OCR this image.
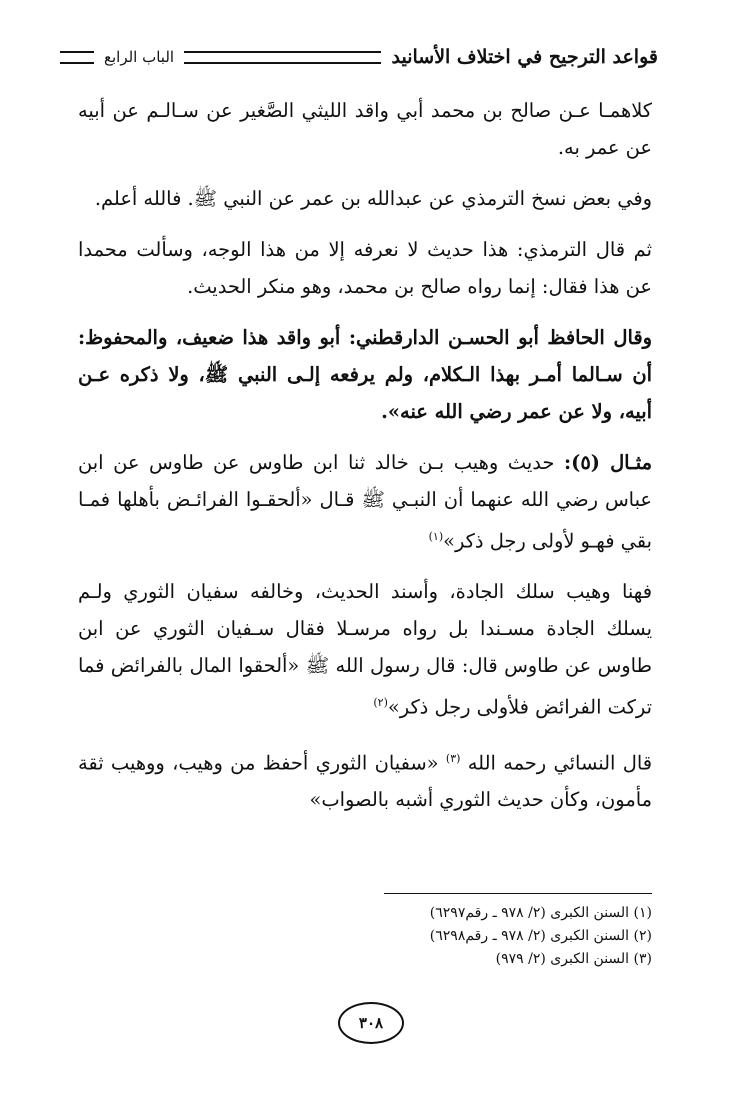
قواعد الترجيح في اختلاف الأسانيد
الباب الرابع

كلاهمـا عـن صالح بن محمد أبي واقد الليثي الصَّغير عن سـالـم عن أبيه عن عمر به.

وفي بعض نسخ الترمذي عن عبدالله بن عمر عن النبي ﷺ. فالله أعلم.

ثم قال الترمذي: هذا حديث لا نعرفه إلا من هذا الوجه، وسألت محمدا عن هذا فقال: إنما رواه صالح بن محمد، وهو منكر الحديث.

وقال الحافظ أبو الحسـن الدارقطني: أبو واقد هذا ضعيف، والمحفوظ: أن سـالما أمـر بهذا الـكلام، ولم يرفعه إلـى النبي ﷺ، ولا ذكره عـن أبيه، ولا عن عمر رضي الله عنه».

مثـال (٥): حديث وهيب بـن خالد ثنا ابن طاوس عن طاوس عن ابن عباس رضي الله عنهما أن النبـي ﷺ قـال «ألحقـوا الفرائـض بأهلها فمـا بقي فهـو لأولى رجل ذكر»$^{(١)}$

فهنا وهيب سلك الجادة، وأسند الحديث، وخالفه سفيان الثوري ولـم يسلك الجادة مسـندا بل رواه مرسـلا فقال سـفيان الثوري عن ابن طاوس عن طاوس قال: قال رسول الله ﷺ «ألحقوا المال بالفرائض فما تركت الفرائض فلأولى رجل ذكر»$^{(٢)}$

قال النسائي رحمه الله $^{(٣)}$ «سفيان الثوري أحفظ من وهيب، ووهيب ثقة مأمون، وكأن حديث الثوري أشبه بالصواب»

(١) السنن الكبرى (٢/ ٩٧٨ ـ رقم٦٢٩٧)
(٢) السنن الكبرى (٢/ ٩٧٨ ـ رقم٦٢٩٨)
(٣) السنن الكبرى (٢/ ٩٧٩)
٣٠٨
